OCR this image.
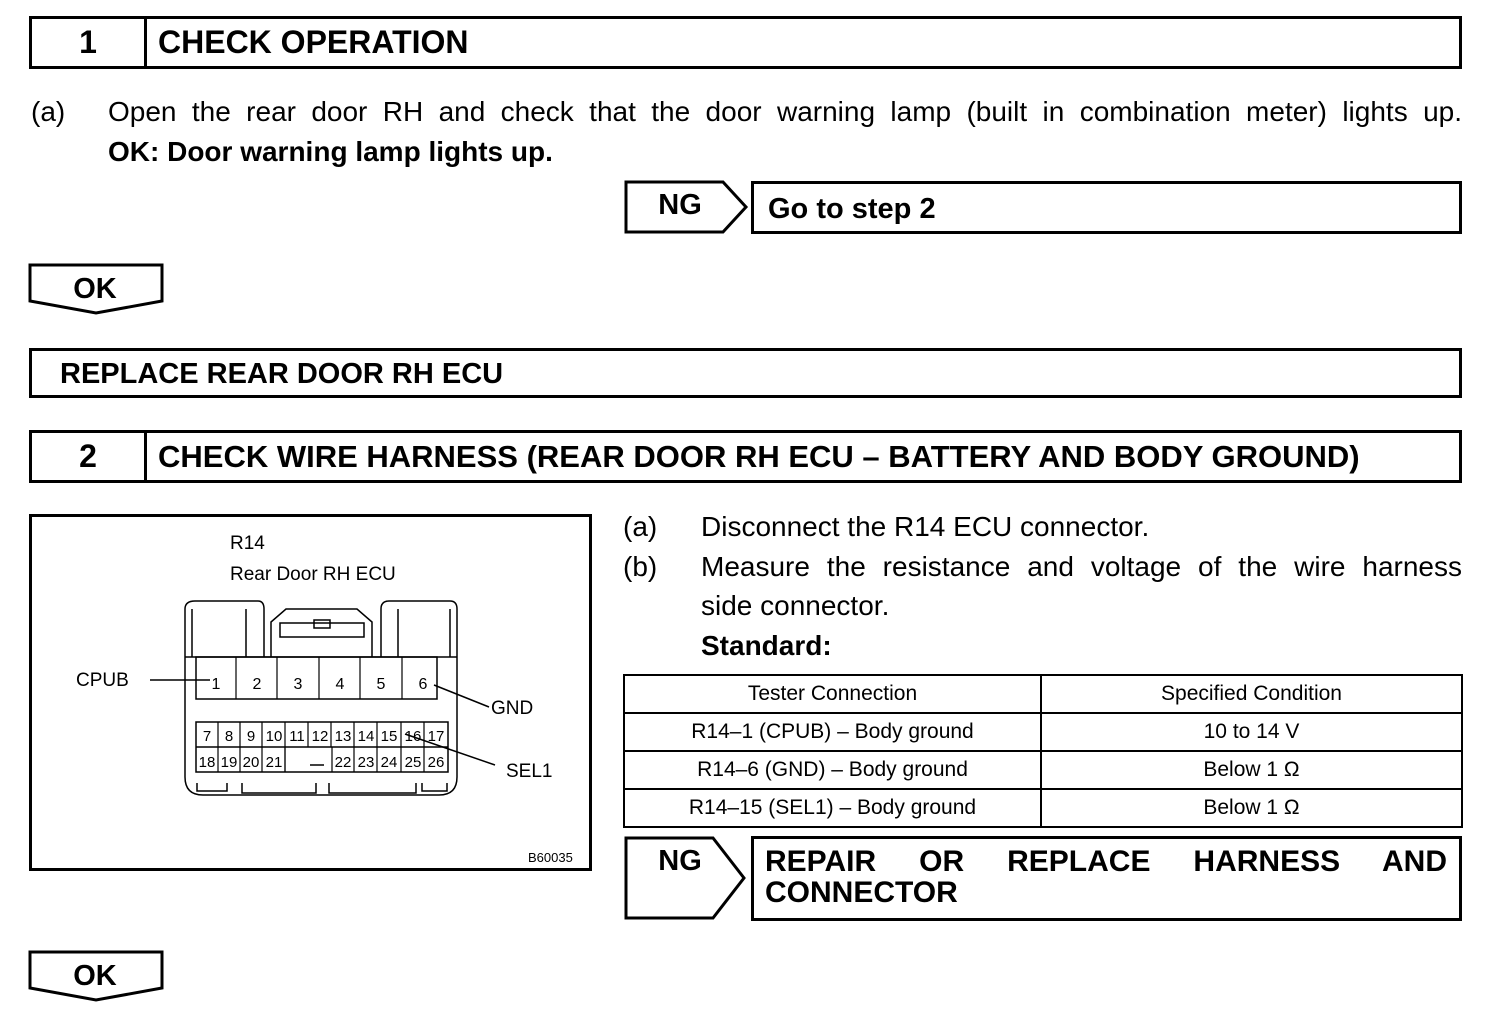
1	CHECK OPERATION
(a) Open the rear door RH and check that the door warning lamp (built in combination meter) lights up.
OK: Door warning lamp lights up.
NG	Go to step 2
OK
REPLACE REAR DOOR RH ECU
2	CHECK WIRE HARNESS (REAR DOOR RH ECU – BATTERY AND BODY GROUND)
R14
Rear Door RH ECU
CPUB
GND
SEL1
B60035
1 2 3 4 5 6
7 8 9 10 11 12 13 14 15 16 17
18 19 20 21	22 23 24 25 26
(a) Disconnect the R14 ECU connector.
(b) Measure the resistance and voltage of the wire harness
side connector.
Standard:
Tester Connection	Specified Condition
R14–1 (CPUB) – Body ground	10 to 14 V
R14–6 (GND) – Body ground	Below 1 Ω
R14–15 (SEL1) – Body ground	Below 1 Ω
NG	REPAIR OR REPLACE HARNESS AND CONNECTOR
OK
